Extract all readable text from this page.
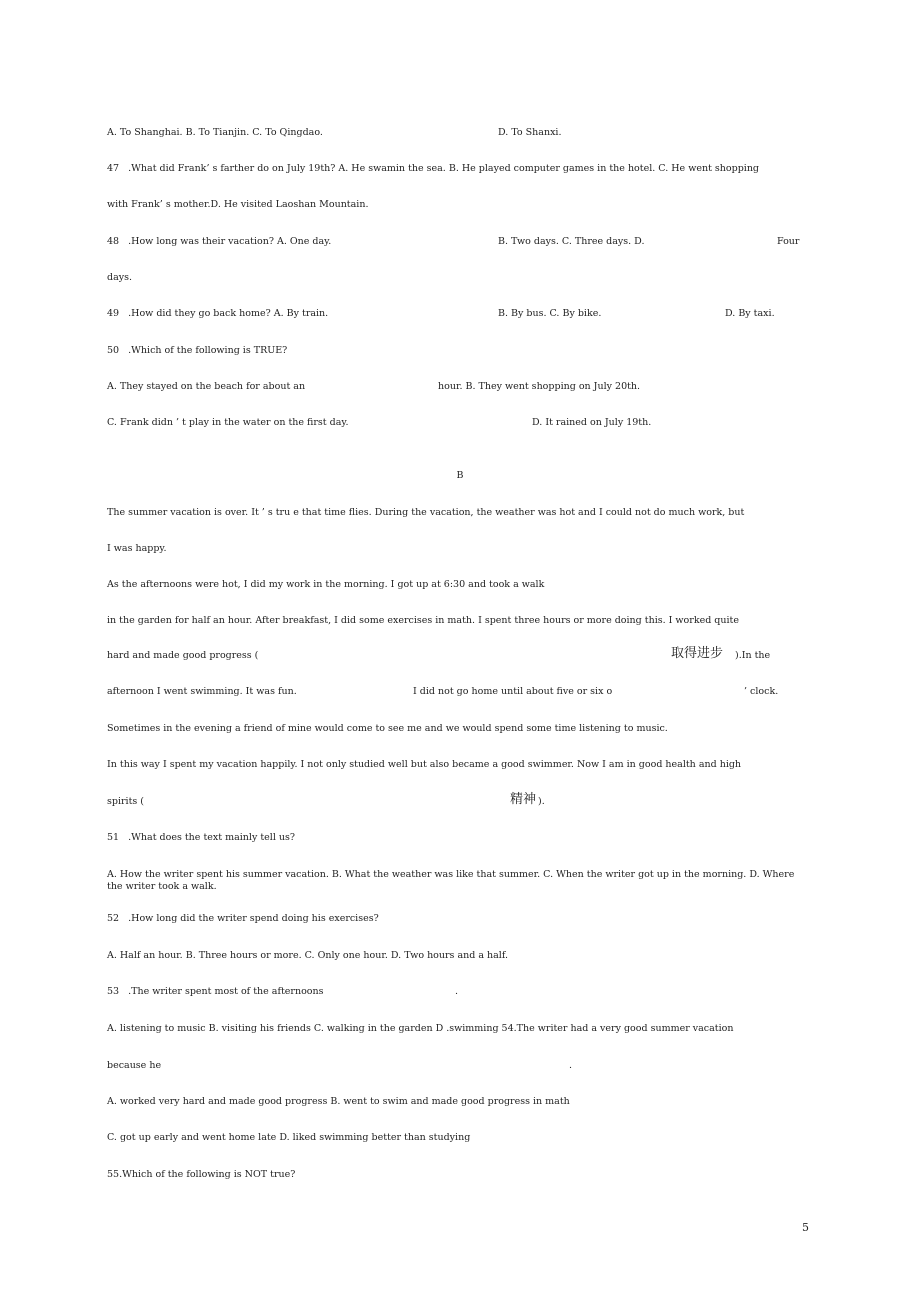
A. To Shanghai. B. To Tianjin. C. To Qingdao.	D. To Shanxi.
47   .What did Frank’ s farther do on July 19th? A. He swamin the sea. B. He played computer games in the hotel. C. He went shopping
with Frank’ s mother.D. He visited Laoshan Mountain.
48   .How long was their vacation? A. One day.	B. Two days. C. Three days. D.	Four
days.
49   .How did they go back home? A. By train.	B. By bus. C. By bike.	D. By taxi.
50   .Which of the following is TRUE?
A. They stayed on the beach for about an	hour. B. They went shopping on July 20th.
C. Frank didn ’ t play in the water on the first day.	D. It rained on July 19th.
B
The summer vacation is over. It ’ s tru e that time flies. During the vacation, the weather was hot and I could not do much work, but
I was happy.
As the afternoons were hot, I did my work in the morning. I got up at 6:30 and took a walk
in the garden for half an hour. After breakfast, I did some exercises in math. I spent three hours or more doing this. I worked quite
hard and made good progress (	取得进步 ).In the
afternoon I went swimming. It was fun.	I did not go home until about five or six o	’ clock.
Sometimes in the evening a friend of mine would come to see me and we would spend some time listening to music.
In this way I spent my vacation happily. I not only studied well but also became a good swimmer. Now I am in good health and high
spirits (	精神 ).
51   .What does the text mainly tell us?
A. How the writer spent his summer vacation. B. What the weather was like that summer. C. When the writer got up in the morning. D. Where the writer took a walk.
52   .How long did the writer spend doing his exercises?
A. Half an hour. B. Three hours or more. C. Only one hour. D. Two hours and a half.
53   .The writer spent most of the afternoons	.
A. listening to music B. visiting his friends C. walking in the garden D .swimming 54.The writer had a very good summer vacation
because he	.
A. worked very hard and made good progress B. went to swim and made good progress in math
C. got up early and went home late D. liked swimming better than studying
55.Which of the following is NOT true?
5
